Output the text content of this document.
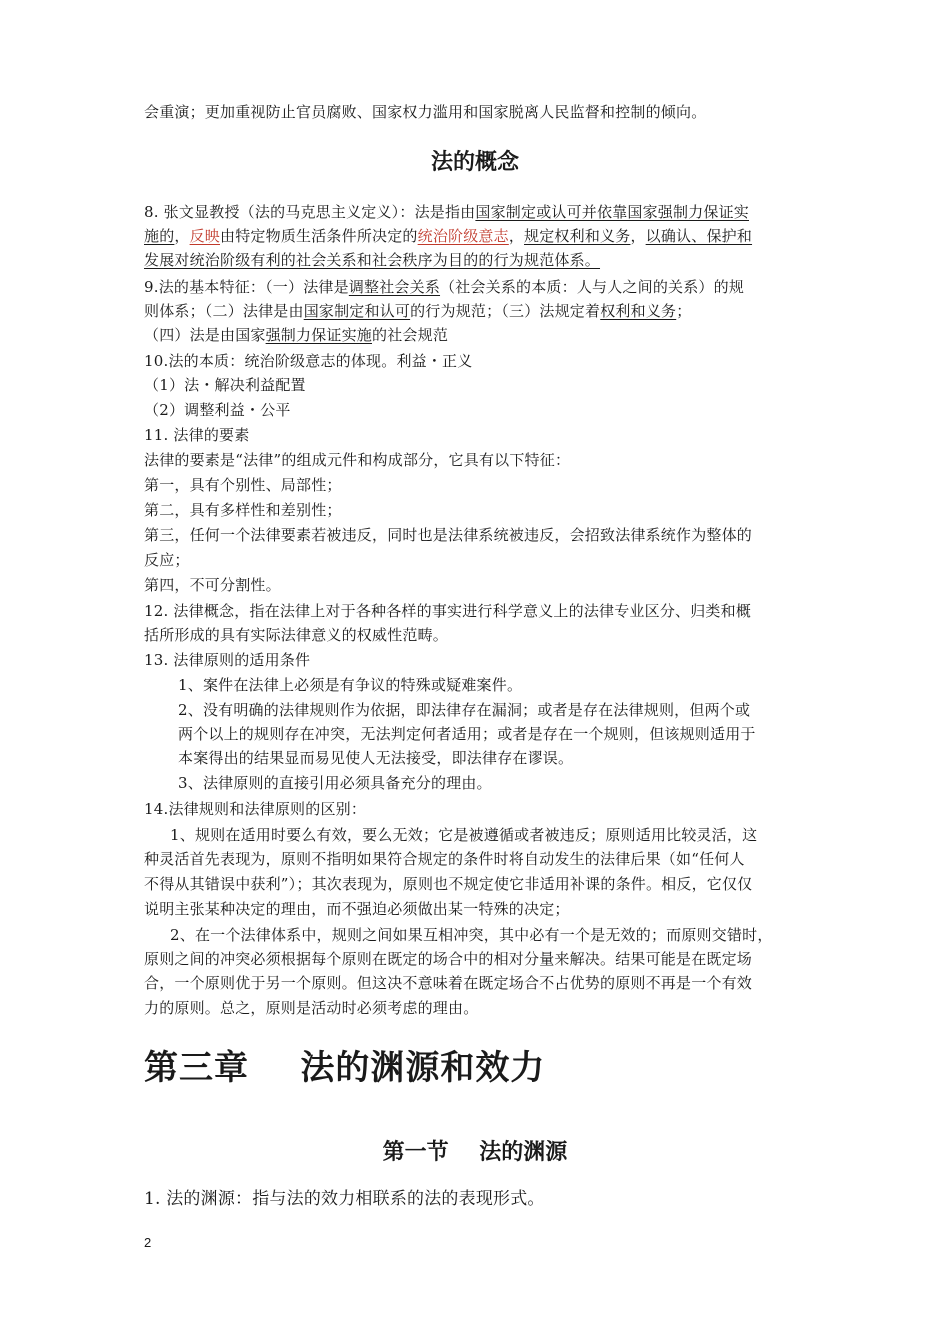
会重演；更加重视防止官员腐败、国家权力滥用和国家脱离人民监督和控制的倾向。
法的概念
8. 张文显教授（法的马克思主义定义）：法是指由国家制定或认可并依靠国家强制力保证实
施的，反映由特定物质生活条件所决定的统治阶级意志，规定权利和义务，以确认、保护和
发展对统治阶级有利的社会关系和社会秩序为目的的行为规范体系。
9.法的基本特征：（一）法律是调整社会关系（社会关系的本质：人与人之间的关系）的规
则体系；（二）法律是由国家制定和认可的行为规范；（三）法规定着权利和义务；
（四）法是由国家强制力保证实施的社会规范
10.法的本质：统治阶级意志的体现。利益・正义
（1）法・解决利益配置
（2）调整利益・公平
11. 法律的要素
法律的要素是“法律”的组成元件和构成部分，它具有以下特征：
第一，具有个别性、局部性；
第二，具有多样性和差别性；
第三，任何一个法律要素若被违反，同时也是法律系统被违反，会招致法律系统作为整体的
反应；
第四，不可分割性。
12. 法律概念，指在法律上对于各种各样的事实进行科学意义上的法律专业区分、归类和概
括所形成的具有实际法律意义的权威性范畴。
13. 法律原则的适用条件
1、案件在法律上必须是有争议的特殊或疑难案件。
2、没有明确的法律规则作为依据，即法律存在漏洞；或者是存在法律规则，但两个或
两个以上的规则存在冲突，无法判定何者适用；或者是存在一个规则，但该规则适用于
本案得出的结果显而易见使人无法接受，即法律存在谬误。
3、法律原则的直接引用必须具备充分的理由。
14.法律规则和法律原则的区别：
1、规则在适用时要么有效，要么无效；它是被遵循或者被违反；原则适用比较灵活，这
种灵活首先表现为，原则不指明如果符合规定的条件时将自动发生的法律后果（如“任何人
不得从其错误中获利”）；其次表现为，原则也不规定使它非适用补课的条件。相反，它仅仅
说明主张某种决定的理由，而不强迫必须做出某一特殊的决定；
2、在一个法律体系中，规则之间如果互相冲突，其中必有一个是无效的；而原则交错时，
原则之间的冲突必须根据每个原则在既定的场合中的相对分量来解决。结果可能是在既定场
合，一个原则优于另一个原则。但这决不意味着在既定场合不占优势的原则不再是一个有效
力的原则。总之，原则是活动时必须考虑的理由。
第三章    法的渊源和效力
第一节    法的渊源
1. 法的渊源：指与法的效力相联系的法的表现形式。
2
